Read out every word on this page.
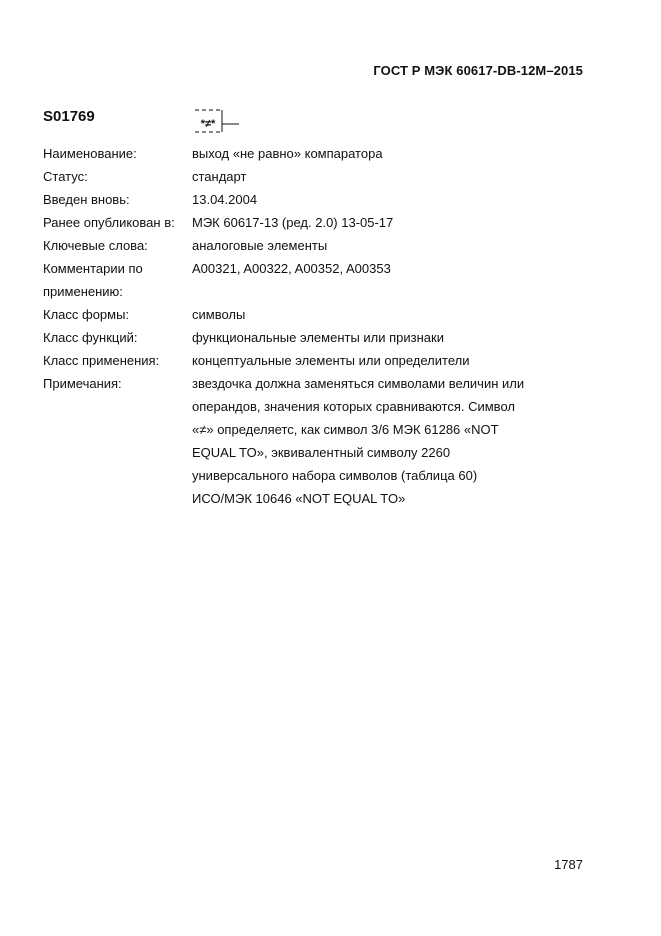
ГОСТ Р МЭК 60617-DB-12M–2015
S01769	*≠*
Наименование:	выход «не равно» компаратора
Статус:	стандарт
Введен вновь:	13.04.2004
Ранее опубликован в:	МЭК 60617-13 (ред. 2.0) 13-05-17
Ключевые слова:	аналоговые элементы
Комментарии по применению:
A00321, A00322, A00352, A00353
Класс формы:	символы
Класс функций:	функциональные элементы или признаки
Класс применения:	концептуальные элементы или определители
Примечания:	звездочка должна заменяться символами величин или
операндов, значения которых сравниваются. Символ
«≠» определяетс, как символ 3/6 МЭК 61286 «NOT
EQUAL TO», эквивалентный символу 2260
универсального набора символов (таблица 60)
ИСО/МЭК 10646 «NOT EQUAL TO»
1787
